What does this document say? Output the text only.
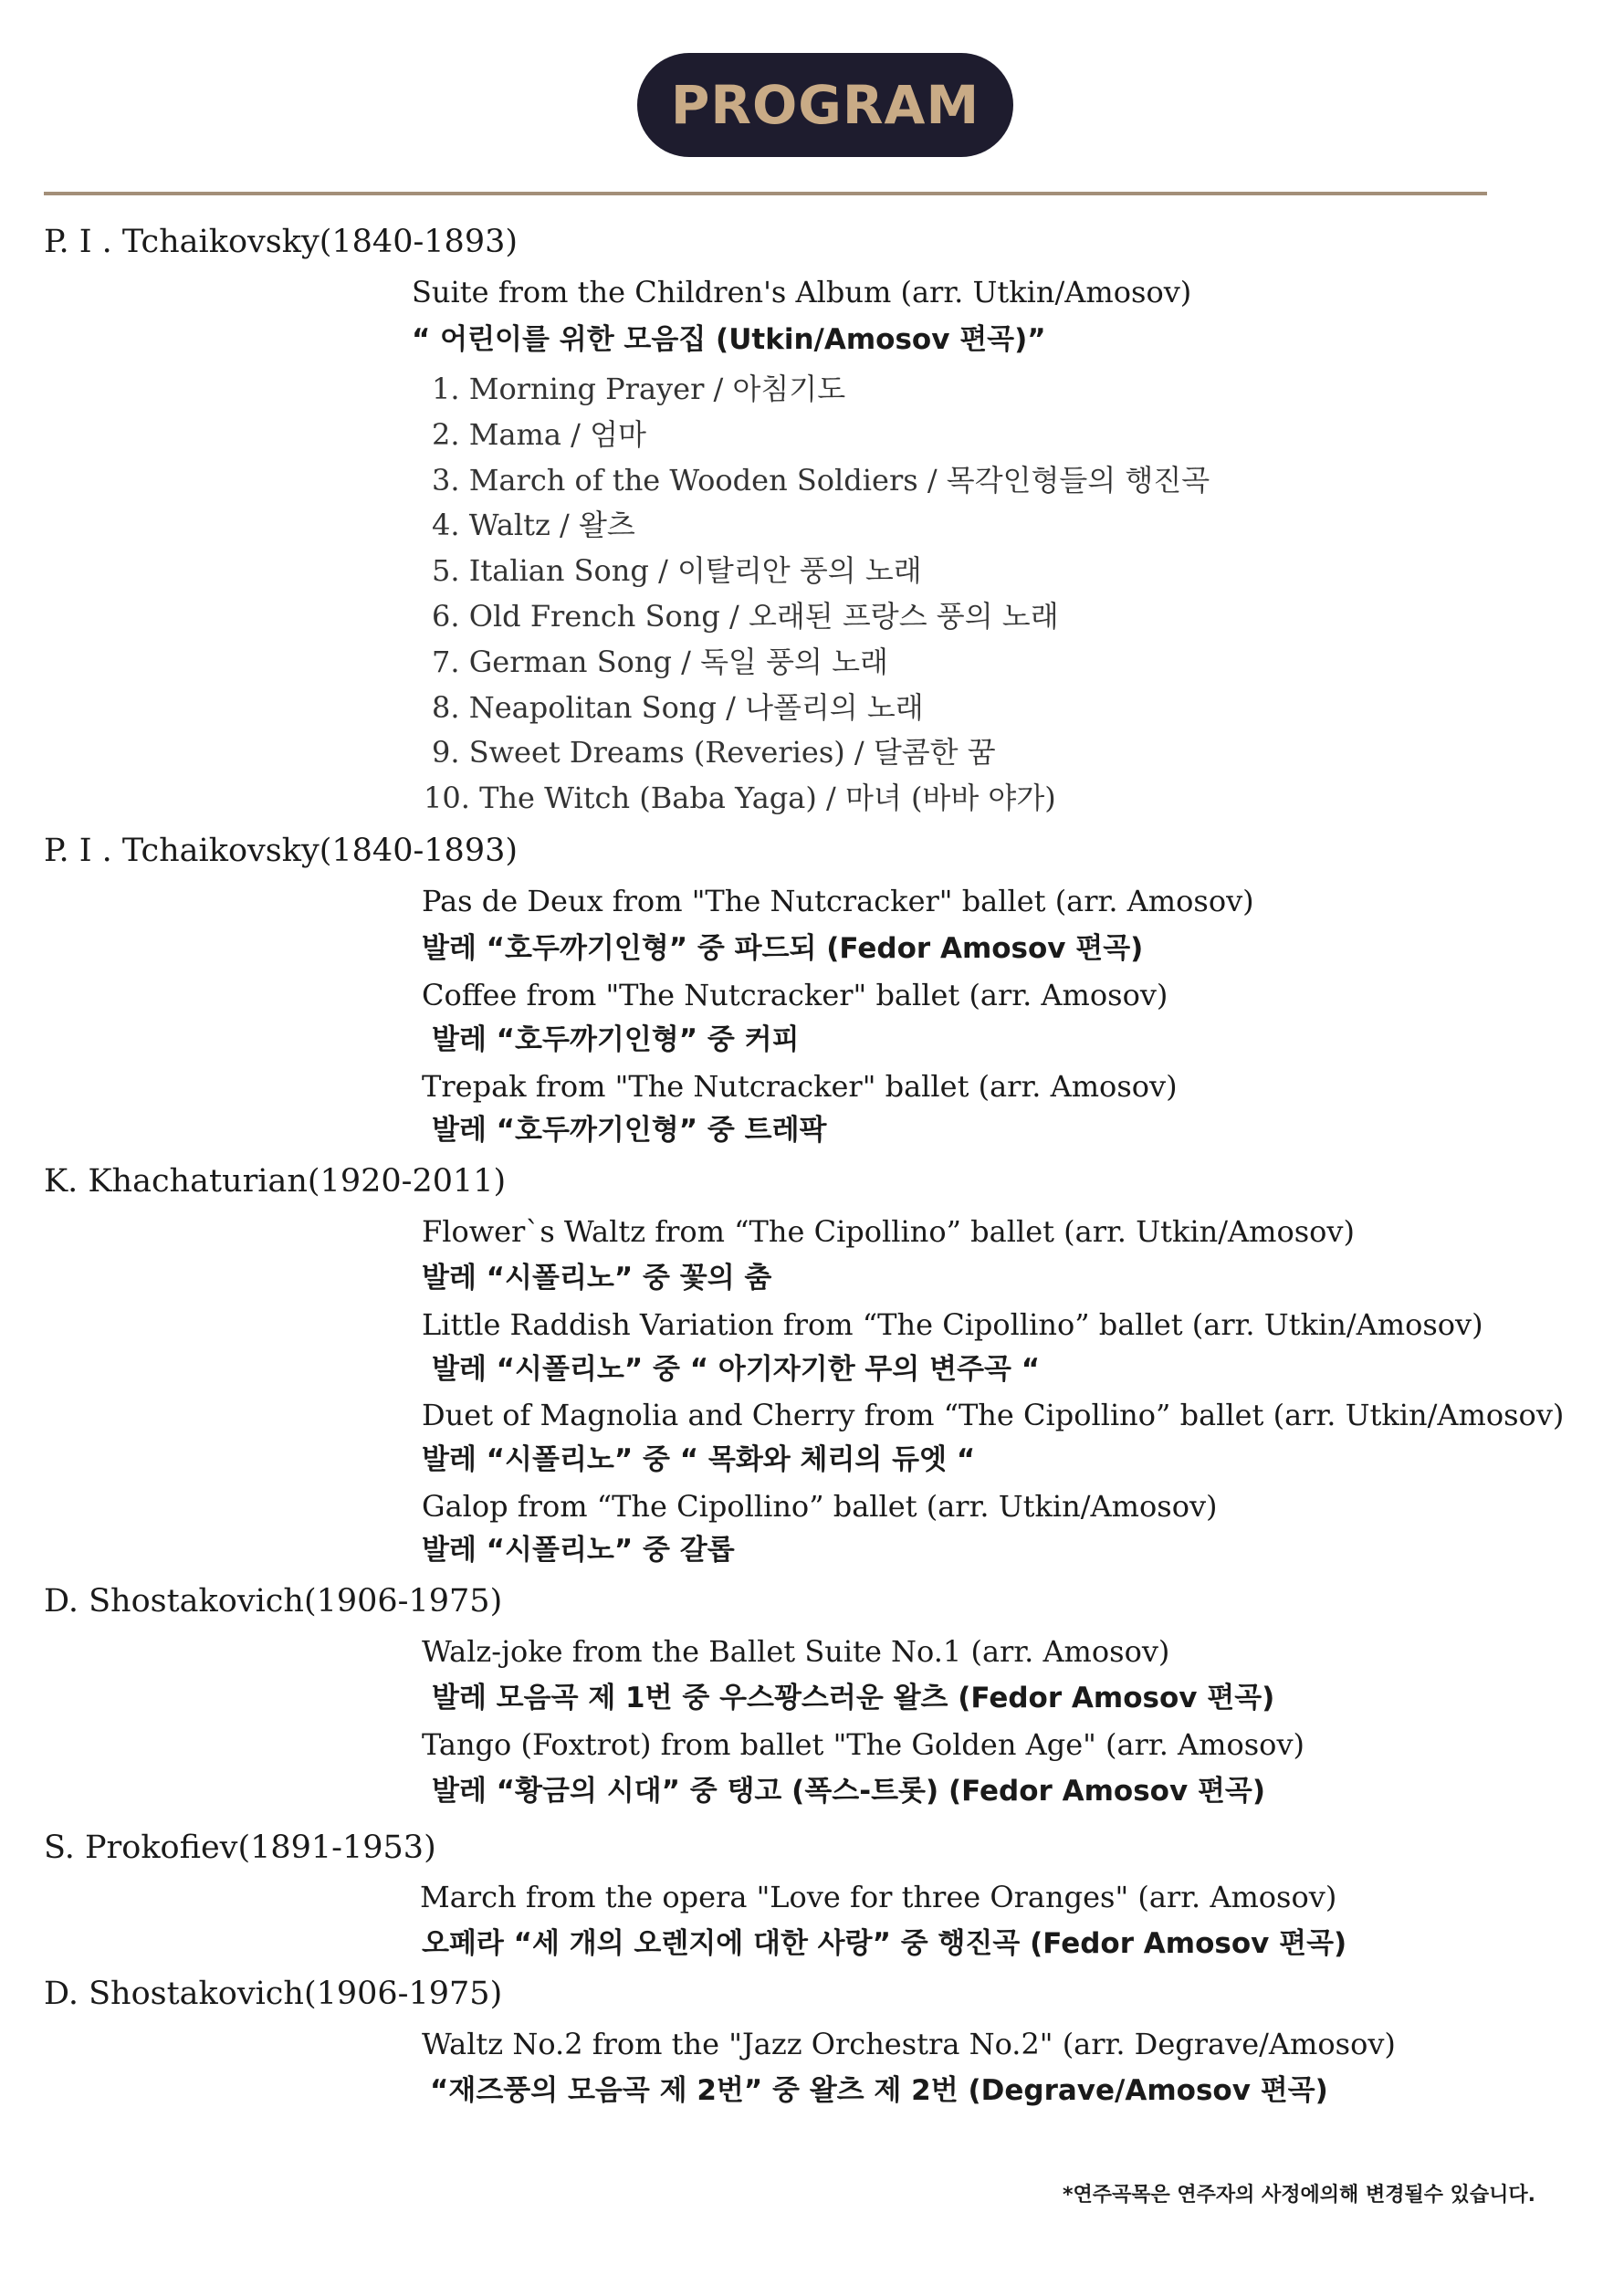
PROGRAM
P. I . Tchaikovsky(1840-1893)
Suite from the Children's Album (arr. Utkin/Amosov)
“ 어린이를 위한 모음집 (Utkin/Amosov 편곡)”
1. Morning Prayer / 아침기도
2. Mama / 엄마
3. March of the Wooden Soldiers / 목각인형들의 행진곡
4. Waltz / 왈츠
5. Italian Song / 이탈리안 풍의 노래
6. Old French Song / 오래된 프랑스 풍의 노래
7. German Song / 독일 풍의 노래
8. Neapolitan Song / 나폴리의 노래
9. Sweet Dreams (Reveries) / 달콤한 꿈
10. The Witch (Baba Yaga) / 마녀 (바바 야가)
P. I . Tchaikovsky(1840-1893)
Pas de Deux from "The Nutcracker" ballet (arr. Amosov)
발레 “호두까기인형” 중 파드되 (Fedor Amosov 편곡)
Coffee from "The Nutcracker" ballet (arr. Amosov)
발레 “호두까기인형” 중 커피
Trepak from "The Nutcracker" ballet (arr. Amosov)
발레 “호두까기인형” 중 트레팍
K. Khachaturian(1920-2011)
Flower`s Waltz from “The Cipollino” ballet (arr. Utkin/Amosov)
발레 “시폴리노” 중 꽃의 춤
Little Raddish Variation from “The Cipollino” ballet (arr. Utkin/Amosov)
발레 “시폴리노” 중 “ 아기자기한 무의 변주곡 “
Duet of Magnolia and Cherry from “The Cipollino” ballet (arr. Utkin/Amosov)
발레 “시폴리노” 중 “ 목화와 체리의 듀엣 “
Galop from “The Cipollino” ballet (arr. Utkin/Amosov)
발레 “시폴리노” 중 갈롭
D. Shostakovich(1906-1975)
Walz-joke from the Ballet Suite No.1 (arr. Amosov)
발레 모음곡 제 1번 중 우스꽝스러운 왈츠 (Fedor Amosov 편곡)
Tango (Foxtrot) from ballet "The Golden Age" (arr. Amosov)
발레 “황금의 시대” 중 탱고 (폭스-트롯) (Fedor Amosov 편곡)
S. Prokofiev(1891-1953)
March from the opera "Love for three Oranges" (arr. Amosov)
오페라 “세 개의 오렌지에 대한 사랑” 중 행진곡 (Fedor Amosov 편곡)
D. Shostakovich(1906-1975)
Waltz No.2 from the "Jazz Orchestra No.2" (arr. Degrave/Amosov)
“재즈풍의 모음곡 제 2번” 중 왈츠 제 2번 (Degrave/Amosov 편곡)
*연주곡목은 연주자의 사정에의해 변경될수 있습니다.
